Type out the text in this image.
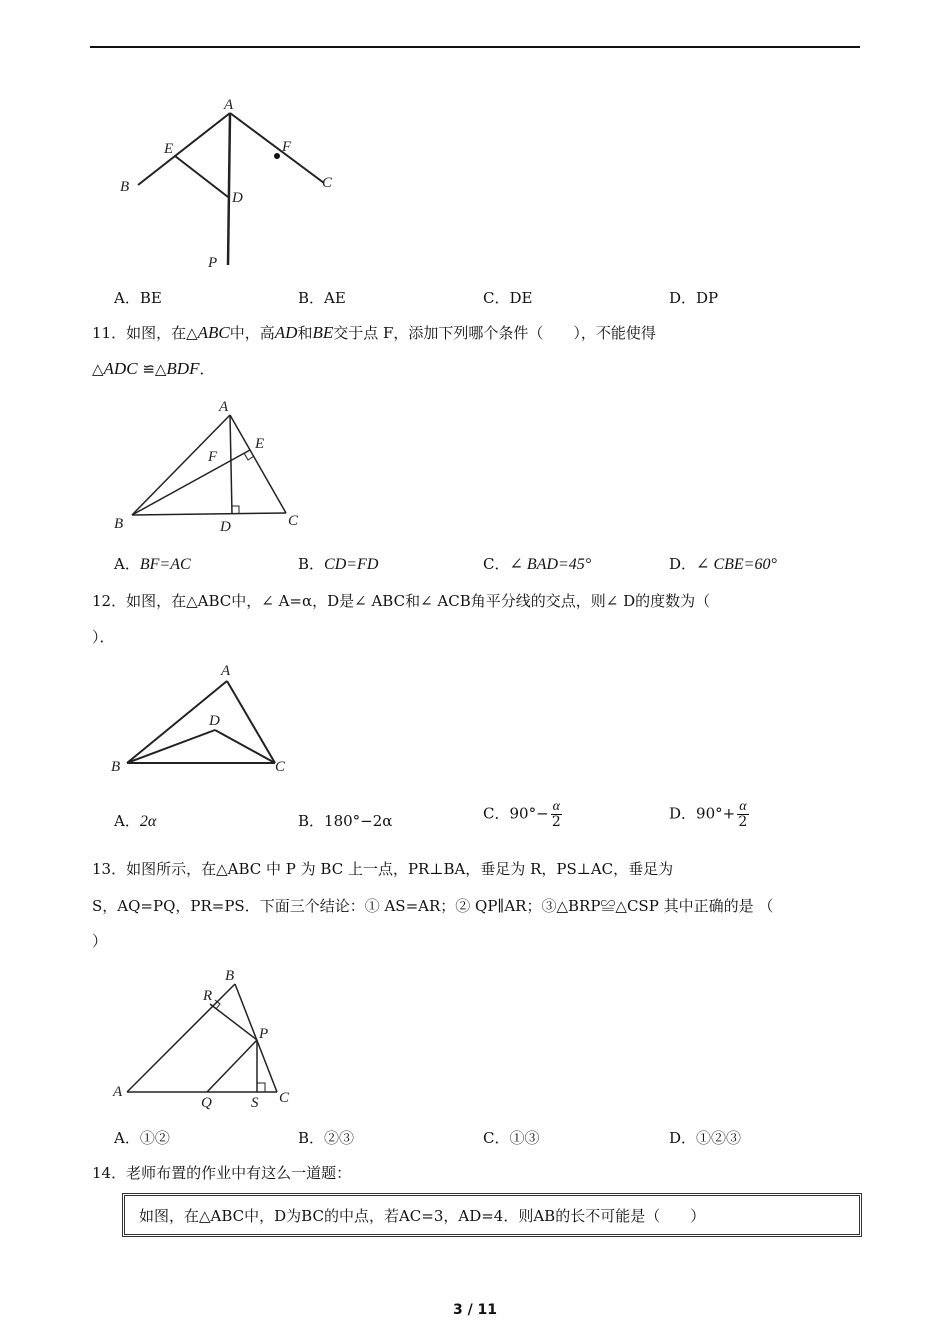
A
B	C
D
E	F
P
A．BE	B．AE	C．DE	D．DP
11．如图，在△ABC中，高AD和BE交于点 F，添加下列哪个条件（　　），不能使得
△ADC ≌△BDF．
A
B	C
D
E
F
A．BF=AC	B．CD=FD	C．∠ BAD=45°	D．∠ CBE=60°
12．如图，在△ABC中，∠ A=α，D是∠ ABC和∠ ACB角平分线的交点，则∠ D的度数为（
）．
A
B	C
D
A．2α	B．180°−2α	C．$90^\circ- \frac{\alpha}{2}$	D．$90^\circ+ \frac{\alpha}{2}$
13．如图所示，在△ABC 中 P 为 BC 上一点，PR⊥BA，垂足为 R，PS⊥AC，垂足为
S，AQ=PQ，PR=PS．下面三个结论：① AS=AR；② QP∥AR；③△BRP≌△CSP 其中正确的是 （
）
B
R
P
A
Q	S C
A．①②	B．②③	C．①③	D．①②③
14．老师布置的作业中有这么一道题：
如图，在△ABC中，D为BC的中点，若AC=3，AD=4．则AB的长不可能是（　　）
3 / 11
